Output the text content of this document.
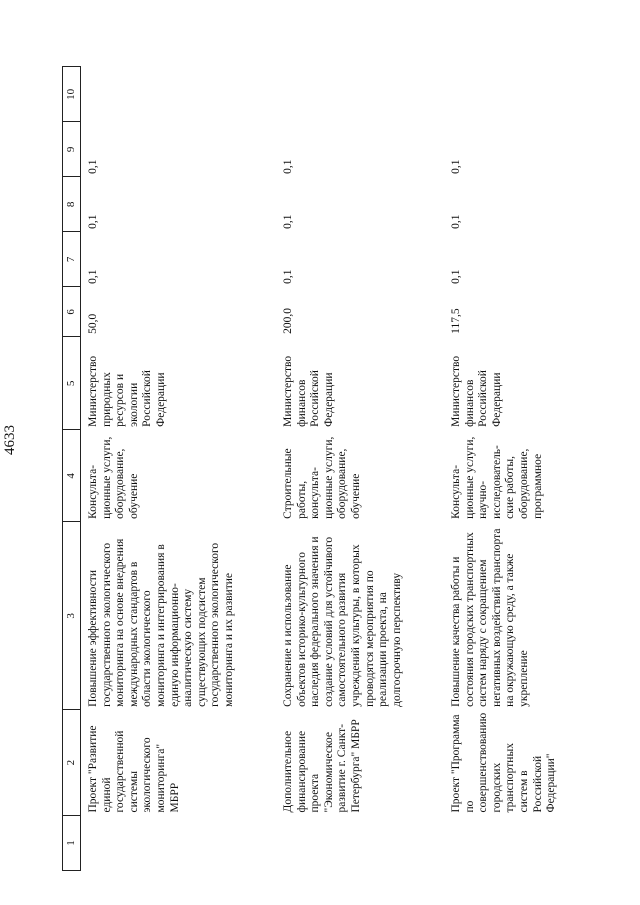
4633
1	2	3	4	5	6	7	8	9	10
	Проект "Развитие единой государственной системы экологического мониторинга" МБРР	Повышение эффективности государственного экологического мониторинга на основе внедрения международных стандартов в области экологического мониторинга и интегрирования в единую информационно-аналитическую систему существующих подсистем государственного экологического мониторинга и их развитие	Консульта-ционные услуги, оборудование, обучение	Министерство природных ресурсов и экологии Российской Федерации	50,0	0,1	0,1	0,1	
	Дополнительное финансирование проекта "Экономическое развитие г. Санкт-Петербурга" МБРР	Сохранение и использование объектов историко-культурного наследия федерального значения и создание условий для устойчивого самостоятельного развития учреждений культуры, в которых проводятся мероприятия по реализации проекта, на долгосрочную перспективу	Строительные работы, консульта-ционные услуги, оборудование, обучение	Министерство финансов Российской Федерации	200,0	0,1	0,1	0,1	
	Проект "Программа по совершенствованию городских транспортных систем в Российской Федерации"	Повышение качества работы и состояния городских транспортных систем наряду с сокращением негативных воздействий транспорта на окружающую среду, а также укрепление	Консульта-ционные услуги, научно-исследователь-ские работы, оборудование, программное	Министерство финансов Российской Федерации	117,5	0,1	0,1	0,1	
